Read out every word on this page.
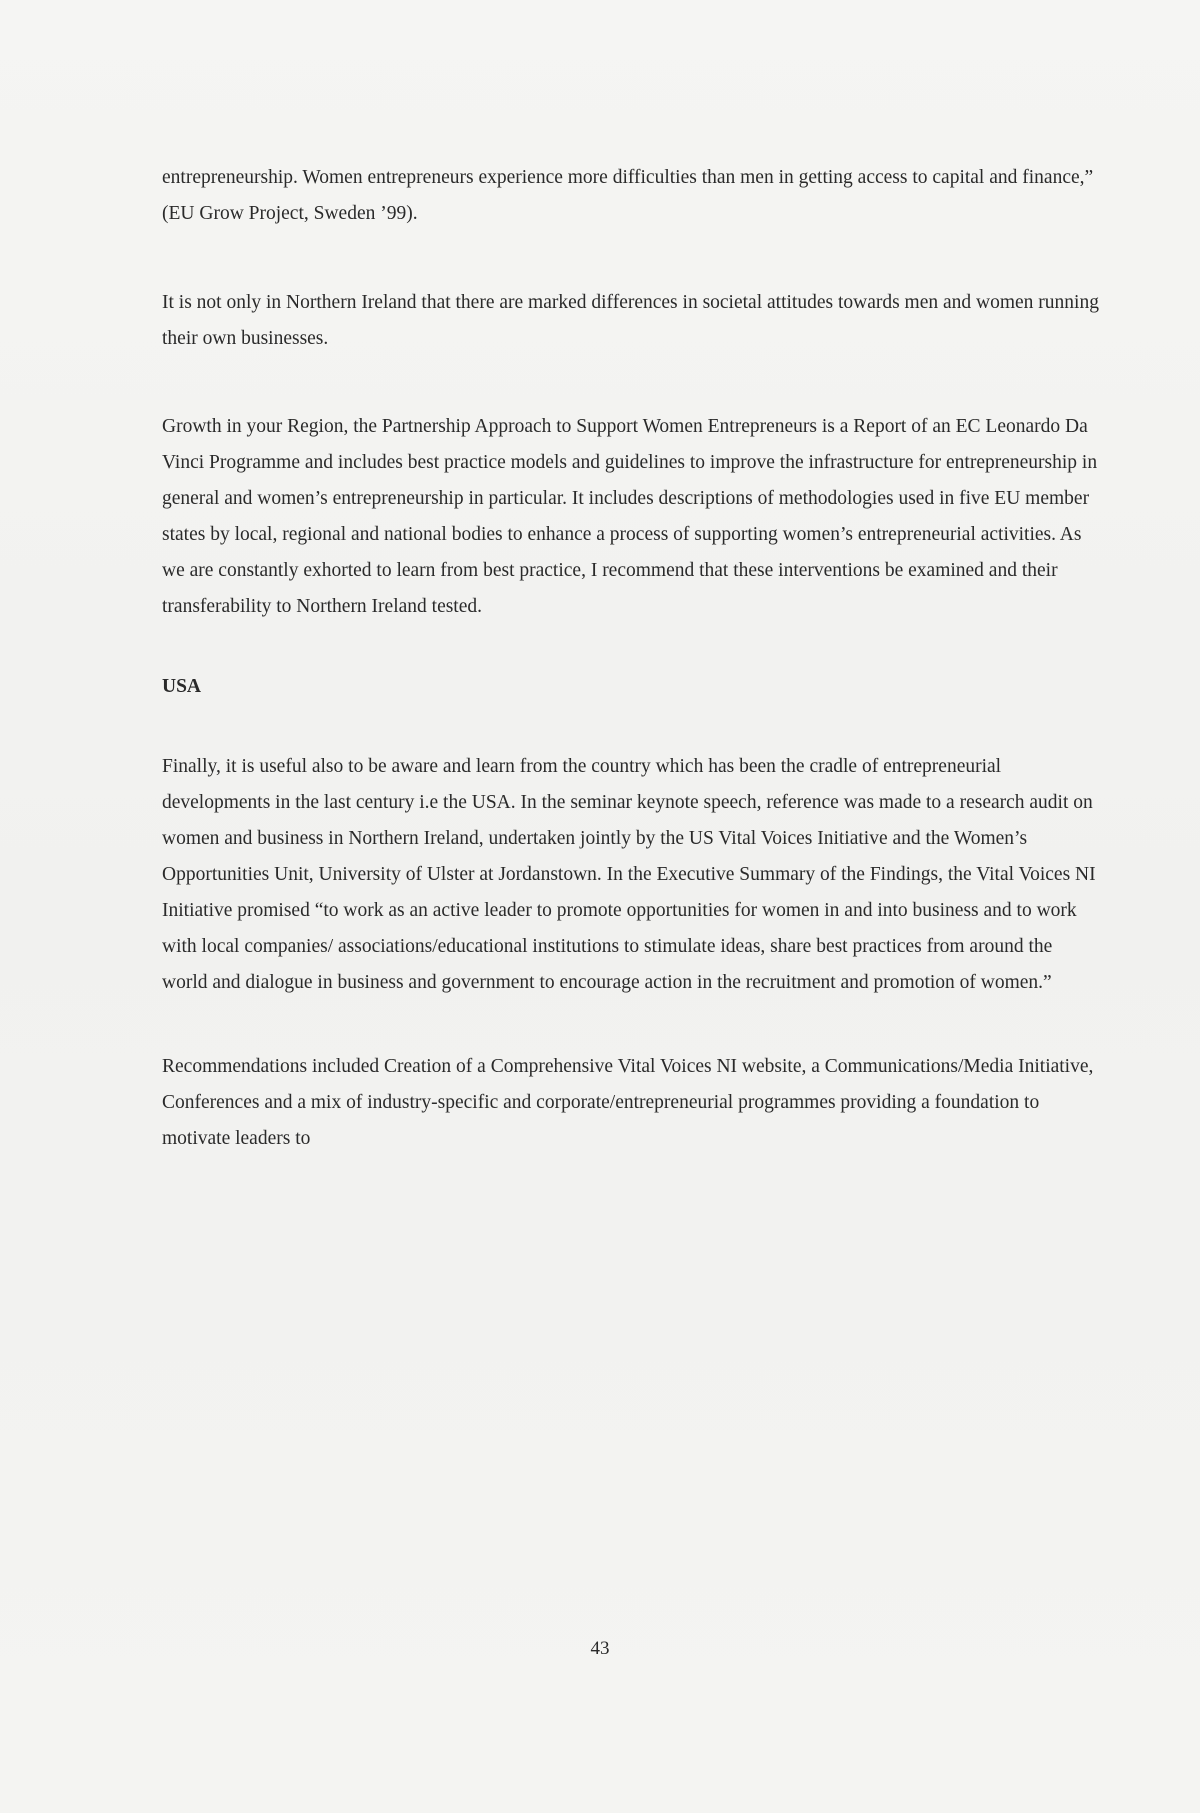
entrepreneurship. Women entrepreneurs experience more difficulties than men in getting access to capital and finance,” (EU Grow Project, Sweden ’99).

It is not only in Northern Ireland that there are marked differences in societal attitudes towards men and women running their own businesses.

Growth in your Region, the Partnership Approach to Support Women Entrepreneurs is a Report of an EC Leonardo Da Vinci Programme and includes best practice models and guidelines to improve the infrastructure for entrepreneurship in general and women’s entrepreneurship in particular. It includes descriptions of methodologies used in five EU member states by local, regional and national bodies to enhance a process of supporting women’s entrepreneurial activities. As we are constantly exhorted to learn from best practice, I recommend that these interventions be examined and their transferability to Northern Ireland tested.

USA

Finally, it is useful also to be aware and learn from the country which has been the cradle of entrepreneurial developments in the last century i.e the USA. In the seminar keynote speech, reference was made to a research audit on women and business in Northern Ireland, undertaken jointly by the US Vital Voices Initiative and the Women’s Opportunities Unit, University of Ulster at Jordanstown. In the Executive Summary of the Findings, the Vital Voices NI Initiative promised “to work as an active leader to promote opportunities for women in and into business and to work with local companies/ associations/educational institutions to stimulate ideas, share best practices from around the world and dialogue in business and government to encourage action in the recruitment and promotion of women.”

Recommendations included Creation of a Comprehensive Vital Voices NI website, a Communications/Media Initiative, Conferences and a mix of industry-specific and corporate/entrepreneurial programmes providing a foundation to motivate leaders to

43
